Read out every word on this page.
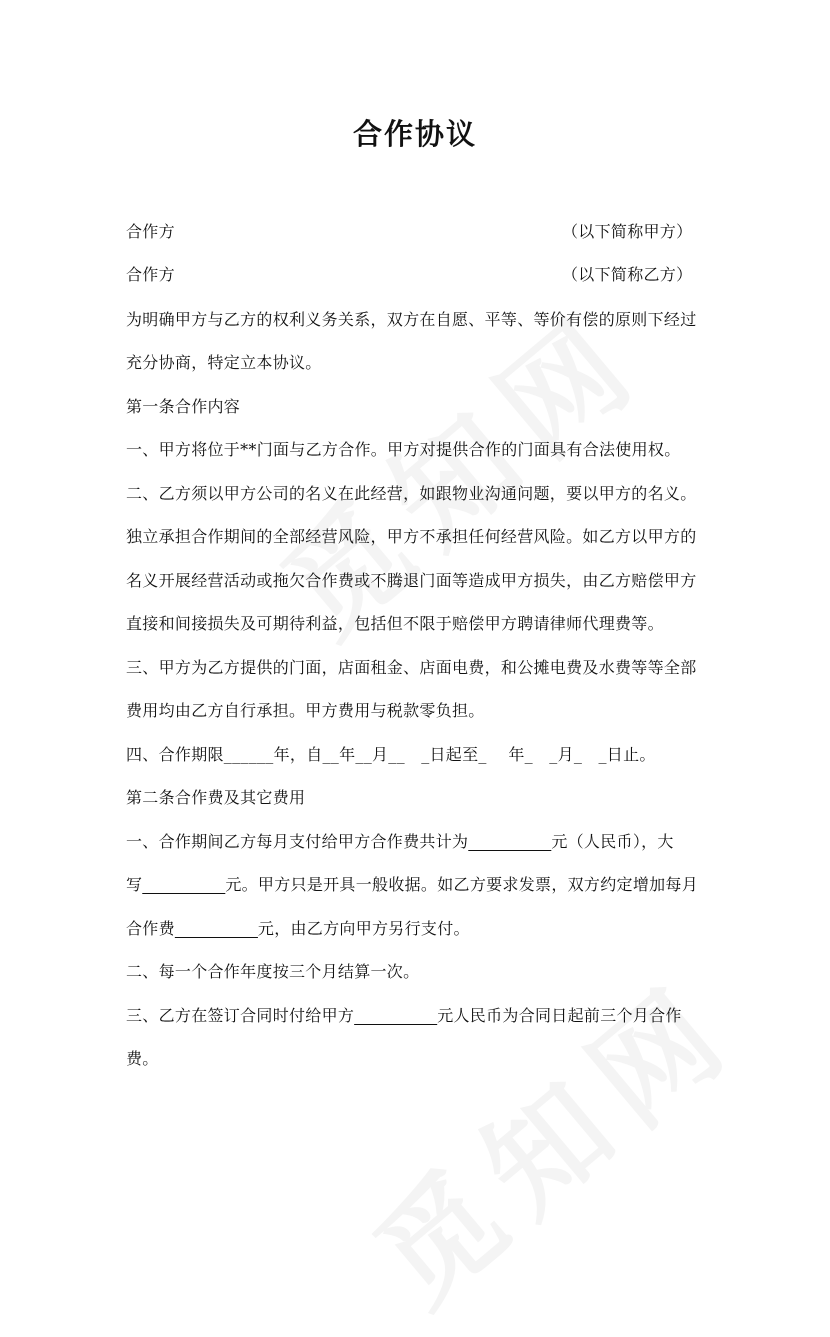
合作协议
合作方	（以下简称甲方）
合作方	（以下简称乙方）
为明确甲方与乙方的权利义务关系，双方在自愿、平等、等价有偿的原则下经过
充分协商，特定立本协议。
第一条合作内容
一、甲方将位于**门面与乙方合作。甲方对提供合作的门面具有合法使用权。
二、乙方须以甲方公司的名义在此经营，如跟物业沟通问题，要以甲方的名义。
独立承担合作期间的全部经营风险，甲方不承担任何经营风险。如乙方以甲方的
名义开展经营活动或拖欠合作费或不腾退门面等造成甲方损失，由乙方赔偿甲方
直接和间接损失及可期待利益，包括但不限于赔偿甲方聘请律师代理费等。
三、甲方为乙方提供的门面，店面租金、店面电费，和公摊电费及水费等等全部
费用均由乙方自行承担。甲方费用与税款零负担。
四、合作期限______年，自__年__月__　_日起至_　 年_　_月_　_日止。
第二条合作费及其它费用
一、合作期间乙方每月支付给甲方合作费共计为__________元（人民币），大
写__________元。甲方只是开具一般收据。如乙方要求发票，双方约定增加每月
合作费__________元，由乙方向甲方另行支付。
二、每一个合作年度按三个月结算一次。
三、乙方在签订合同时付给甲方__________元人民币为合同日起前三个月合作
费。
